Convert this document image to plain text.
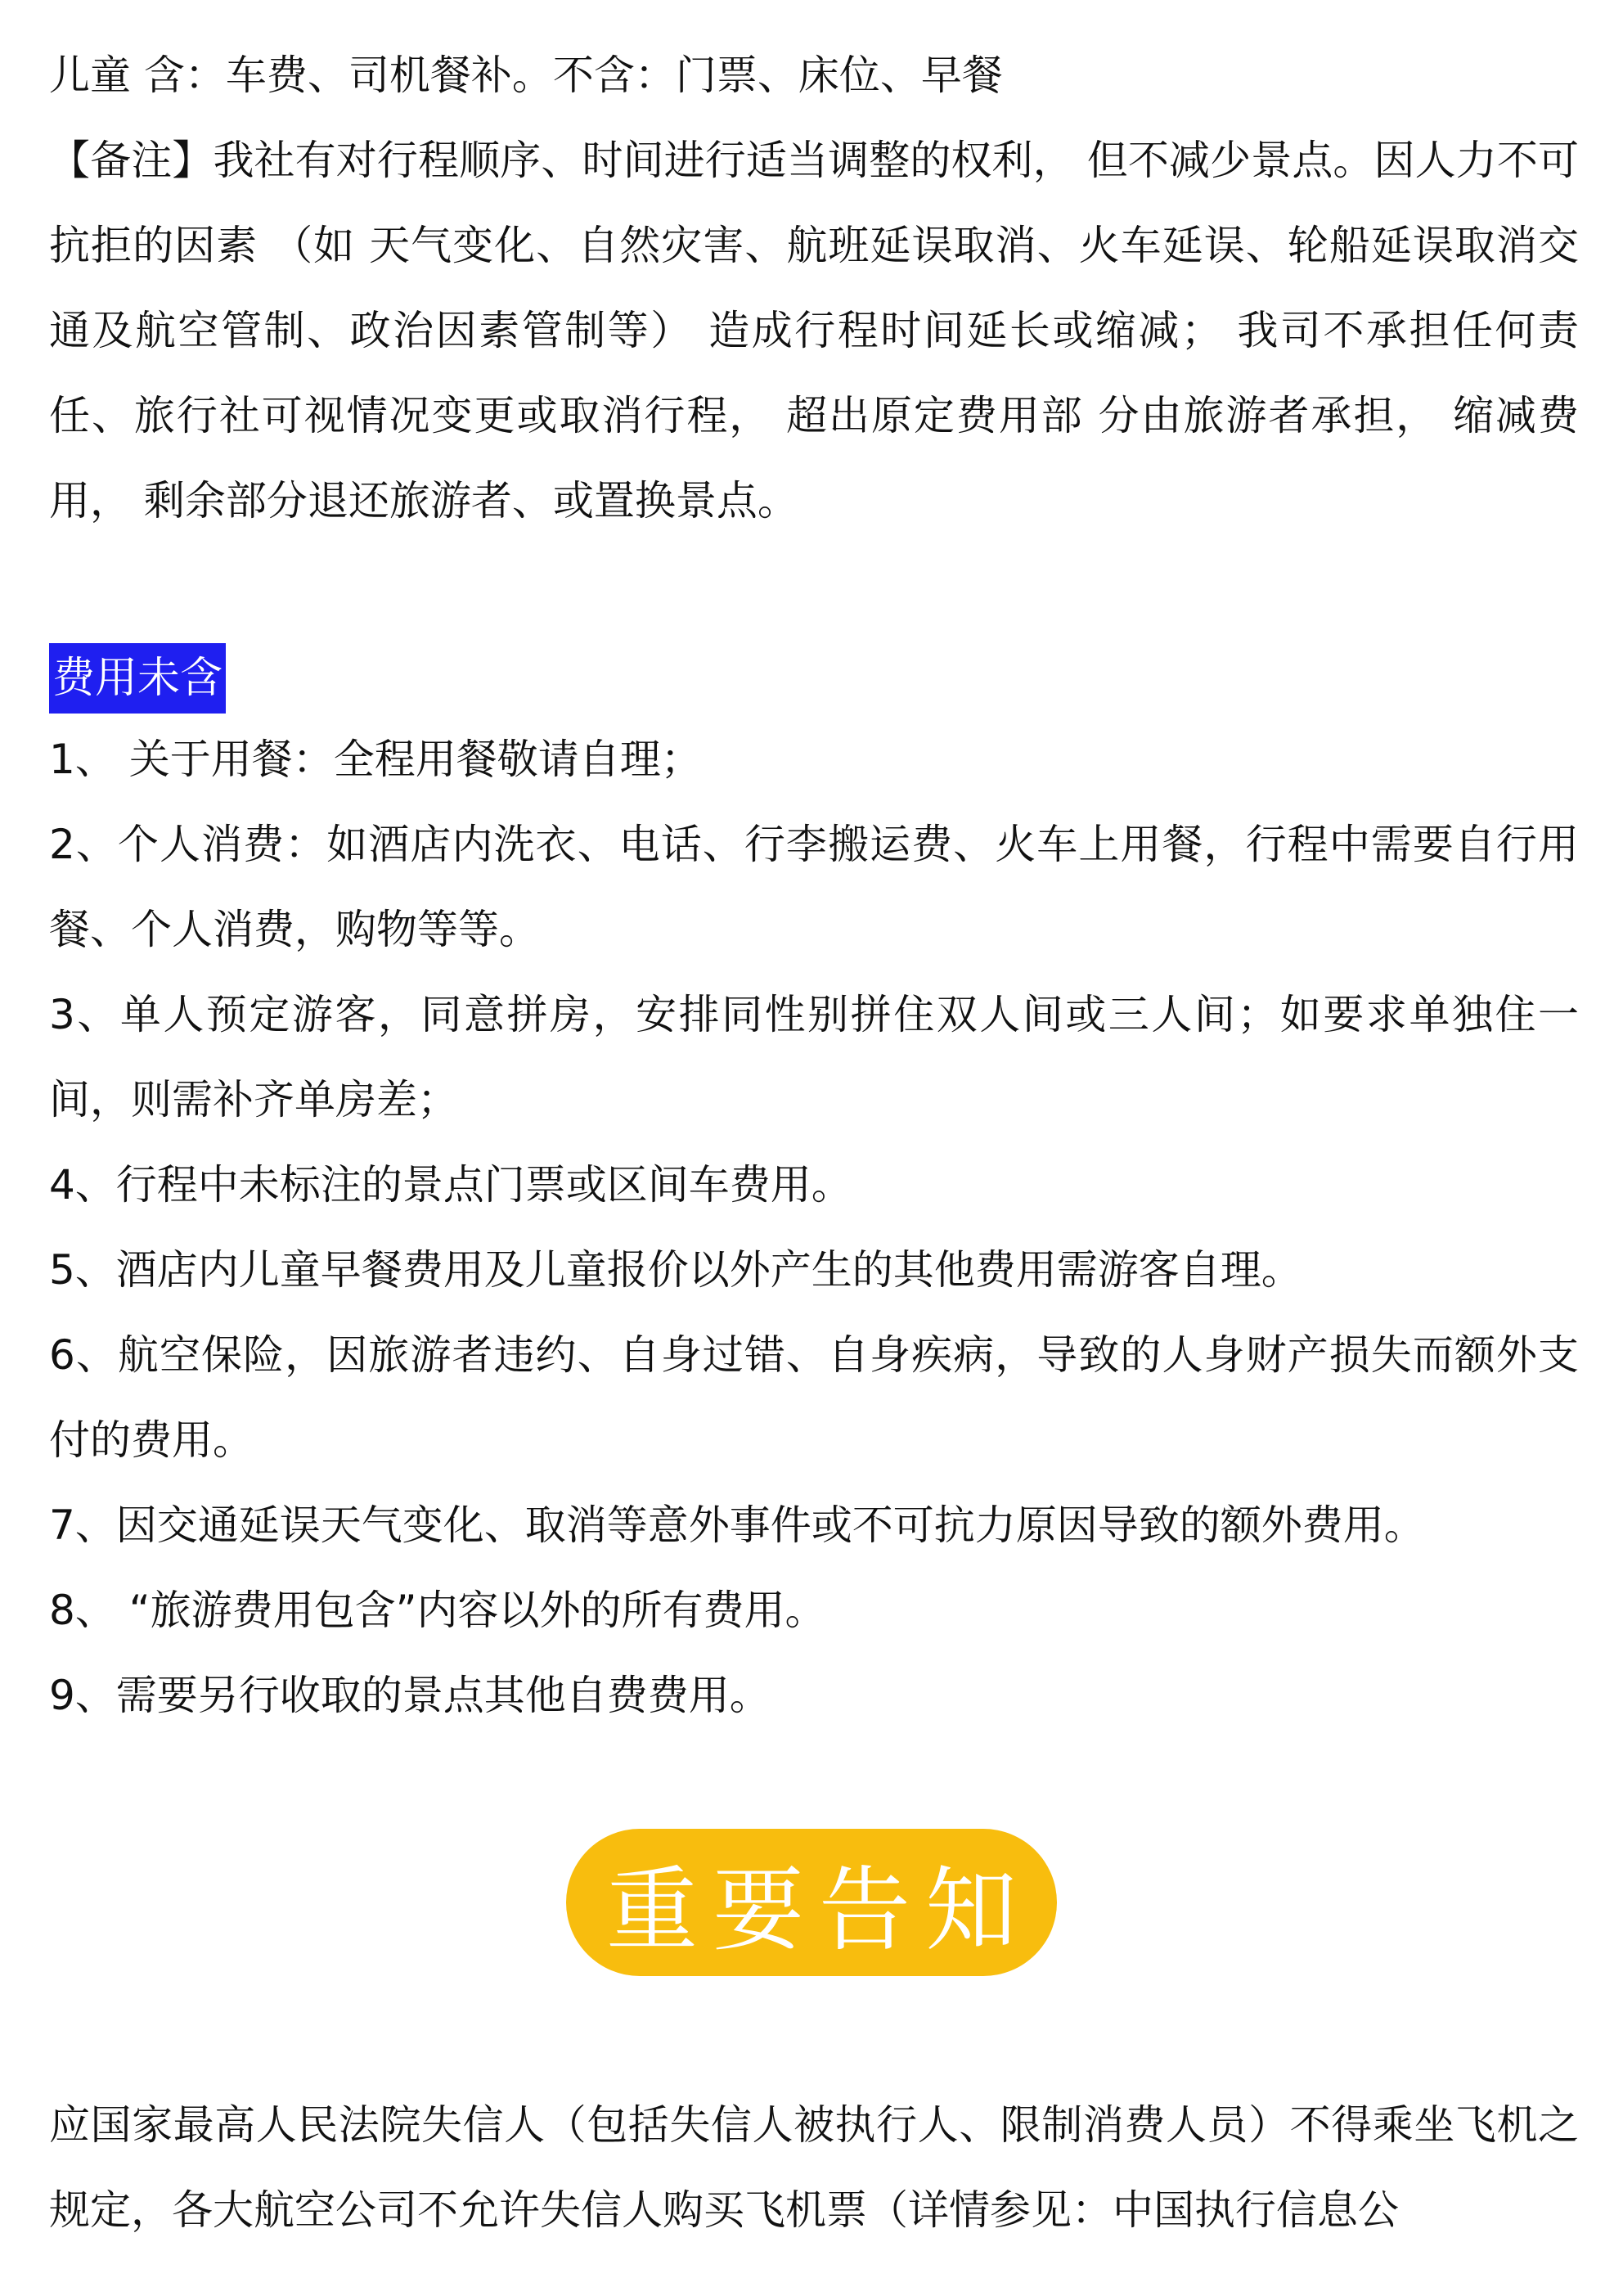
儿童 含：车费、司机餐补。不含：门票、床位、早餐

【备注】我社有对行程顺序、时间进行适当调整的权利， 但不减少景点。因人力不可抗拒的因素 （如 天气变化、自然灾害、航班延误取消、火车延误、轮船延误取消交通及航空管制、政治因素管制等） 造成行程时间延长或缩减； 我司不承担任何责任、旅行社可视情况变更或取消行程， 超出原定费用部 分由旅游者承担， 缩减费用， 剩余部分退还旅游者、或置换景点。

费用未含

1、 关于用餐：全程用餐敬请自理；

2、个人消费：如酒店内洗衣、电话、行李搬运费、火车上用餐，行程中需要自行用餐、个人消费，购物等等。

3、单人预定游客，同意拼房，安排同性别拼住双人间或三人间；如要求单独住一间，则需补齐单房差；

4、行程中未标注的景点门票或区间车费用。

5、酒店内儿童早餐费用及儿童报价以外产生的其他费用需游客自理。

6、航空保险，因旅游者违约、自身过错、自身疾病，导致的人身财产损失而额外支付的费用。

7、因交通延误天气变化、取消等意外事件或不可抗力原因导致的额外费用。

8、 “旅游费用包含”内容以外的所有费用。

9、需要另行收取的景点其他自费费用。

重要告知

应国家最高人民法院失信人（包括失信人被执行人、限制消费人员）不得乘坐飞机之规定，各大航空公司不允许失信人购买飞机票（详情参见：中国执行信息公
